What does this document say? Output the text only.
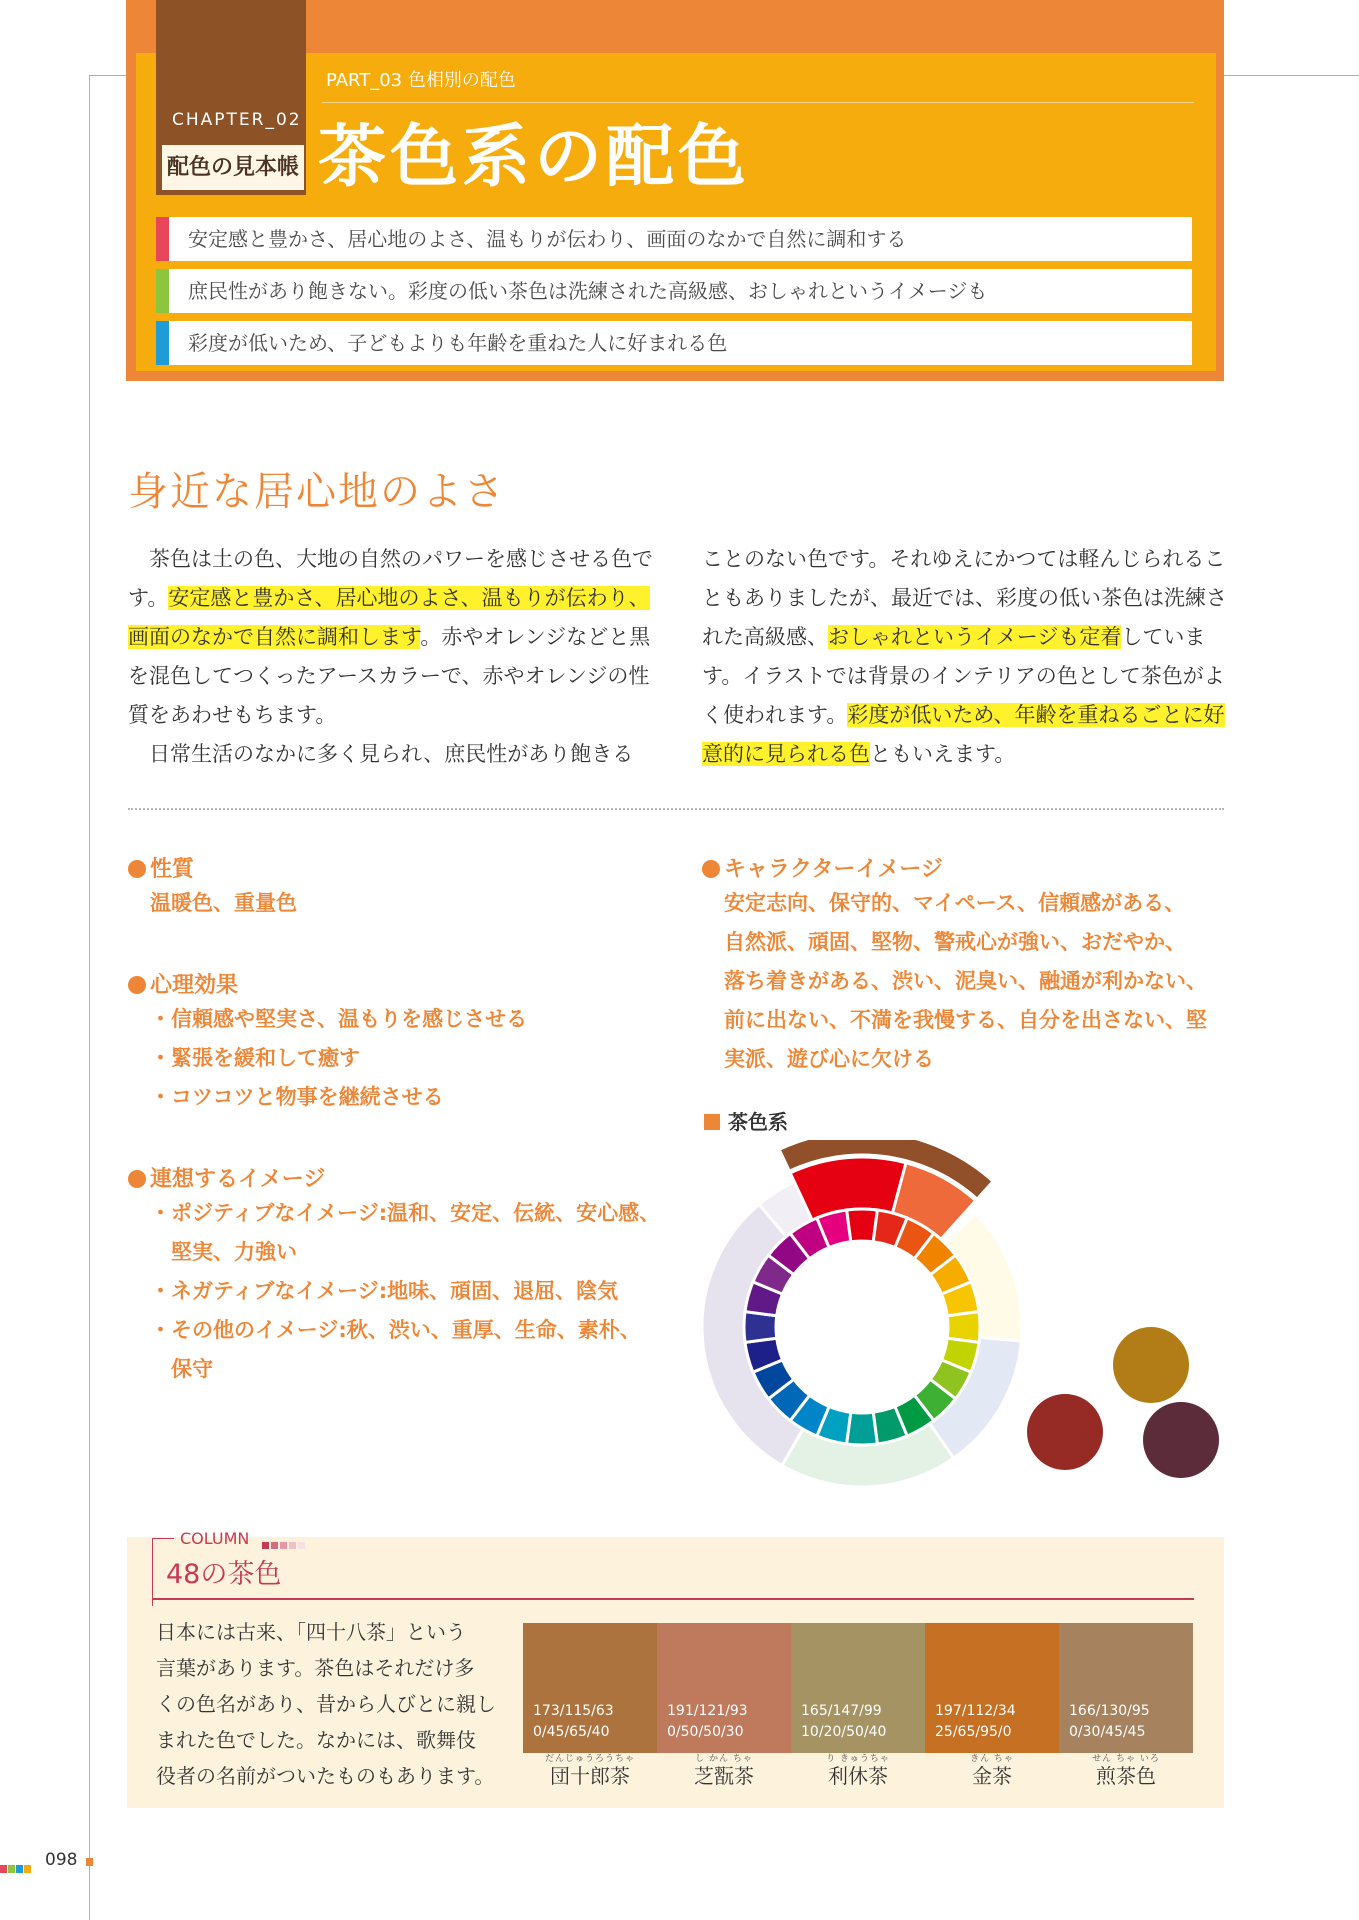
CHAPTER_02
配色の見本帳
PART_03 色相別の配色
茶色系の配色
安定感と豊かさ、居心地のよさ、温もりが伝わり、画面のなかで自然に調和する
庶民性があり飽きない。彩度の低い茶色は洗練された高級感、おしゃれというイメージも
彩度が低いため、子どもよりも年齢を重ねた人に好まれる色
身近な居心地のよさ

茶色は土の色、大地の自然のパワーを感じさせる色です。安定感と豊かさ、居心地のよさ、温もりが伝わり、画面のなかで自然に調和します。赤やオレンジなどと黒を混色してつくったアースカラーで、赤やオレンジの性質をあわせもちます。

日常生活のなかに多く見られ、庶民性があり飽きる

ことのない色です。それゆえにかつては軽んじられることもありましたが、最近では、彩度の低い茶色は洗練された高級感、おしゃれというイメージも定着しています。イラストでは背景のインテリアの色として茶色がよく使われます。彩度が低いため、年齢を重ねるごとに好意的に見られる色ともいえます。

性質
温暖色、重量色
心理効果
・信頼感や堅実さ、温もりを感じさせる
・緊張を緩和して癒す
・コツコツと物事を継続させる
連想するイメージ
・ポジティブなイメージ:温和、安定、伝統、安心感、
堅実、力強い
・ネガティブなイメージ:地味、頑固、退屈、陰気
・その他のイメージ:秋、渋い、重厚、生命、素朴、
保守
キャラクターイメージ
安定志向、保守的、マイペース、信頼感がある、
自然派、頑固、堅物、警戒心が強い、おだやか、
落ち着きがある、渋い、泥臭い、融通が利かない、
前に出ない、不満を我慢する、自分を出さない、堅
実派、遊び心に欠ける
茶色系
COLUMN
48の茶色
日本には古来、「四十八茶」という
言葉があります。茶色はそれだけ多
くの色名があり、昔から人びとに親し
まれた色でした。なかには、歌舞伎
役者の名前がついたものもあります。
173/115/63
0/45/65/40
だんじゅうろうちゃ
団十郎茶
191/121/93
0/50/50/30
し かん ちゃ
芝翫茶
165/147/99
10/20/50/40
り きゅうちゃ
利休茶
197/112/34
25/65/95/0
きん ちゃ
金茶
166/130/95
0/30/45/45
せん ちゃ いろ
煎茶色
098
